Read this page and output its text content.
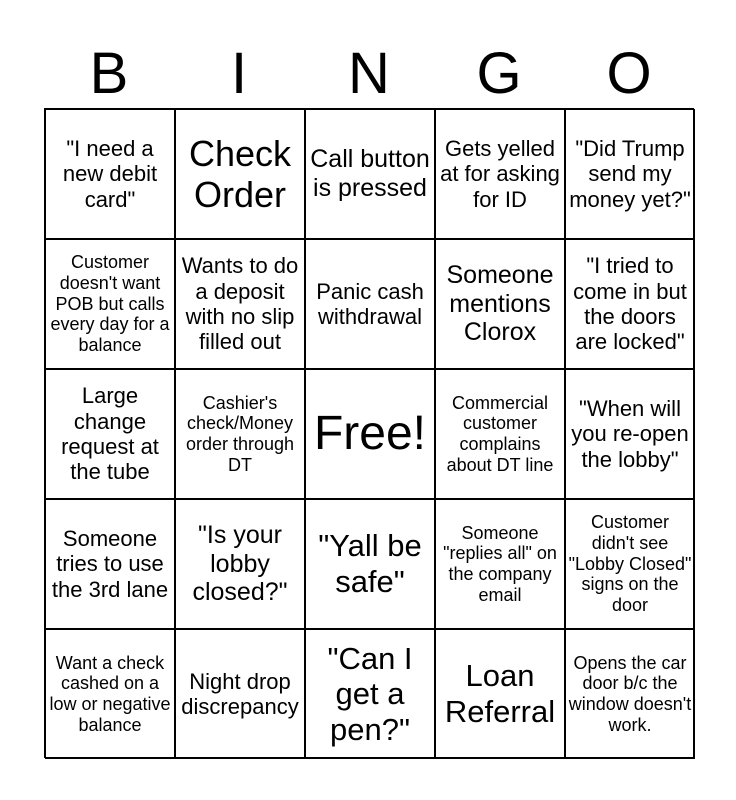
B	I	N	G	O
"I need a new debit card"
Check Order
Call button is pressed
Gets yelled at for asking for ID
"Did Trump send my money yet?"
Customer doesn't want POB but calls every day for a balance
Wants to do a deposit with no slip filled out
Panic cash withdrawal
Someone mentions Clorox
"I tried to come in but the doors are locked"
Large change request at the tube
Cashier's check/Money order through DT
Free!
Commercial customer complains about DT line
"When will you re-open the lobby"
Someone tries to use the 3rd lane
"Is your lobby closed?"
"Yall be safe"
Someone "replies all" on the company email
Customer didn't see "Lobby Closed" signs on the door
Want a check cashed on a low or negative balance
Night drop discrepancy
"Can I get a pen?"
Loan Referral
Opens the car door b/c the window doesn't work.
